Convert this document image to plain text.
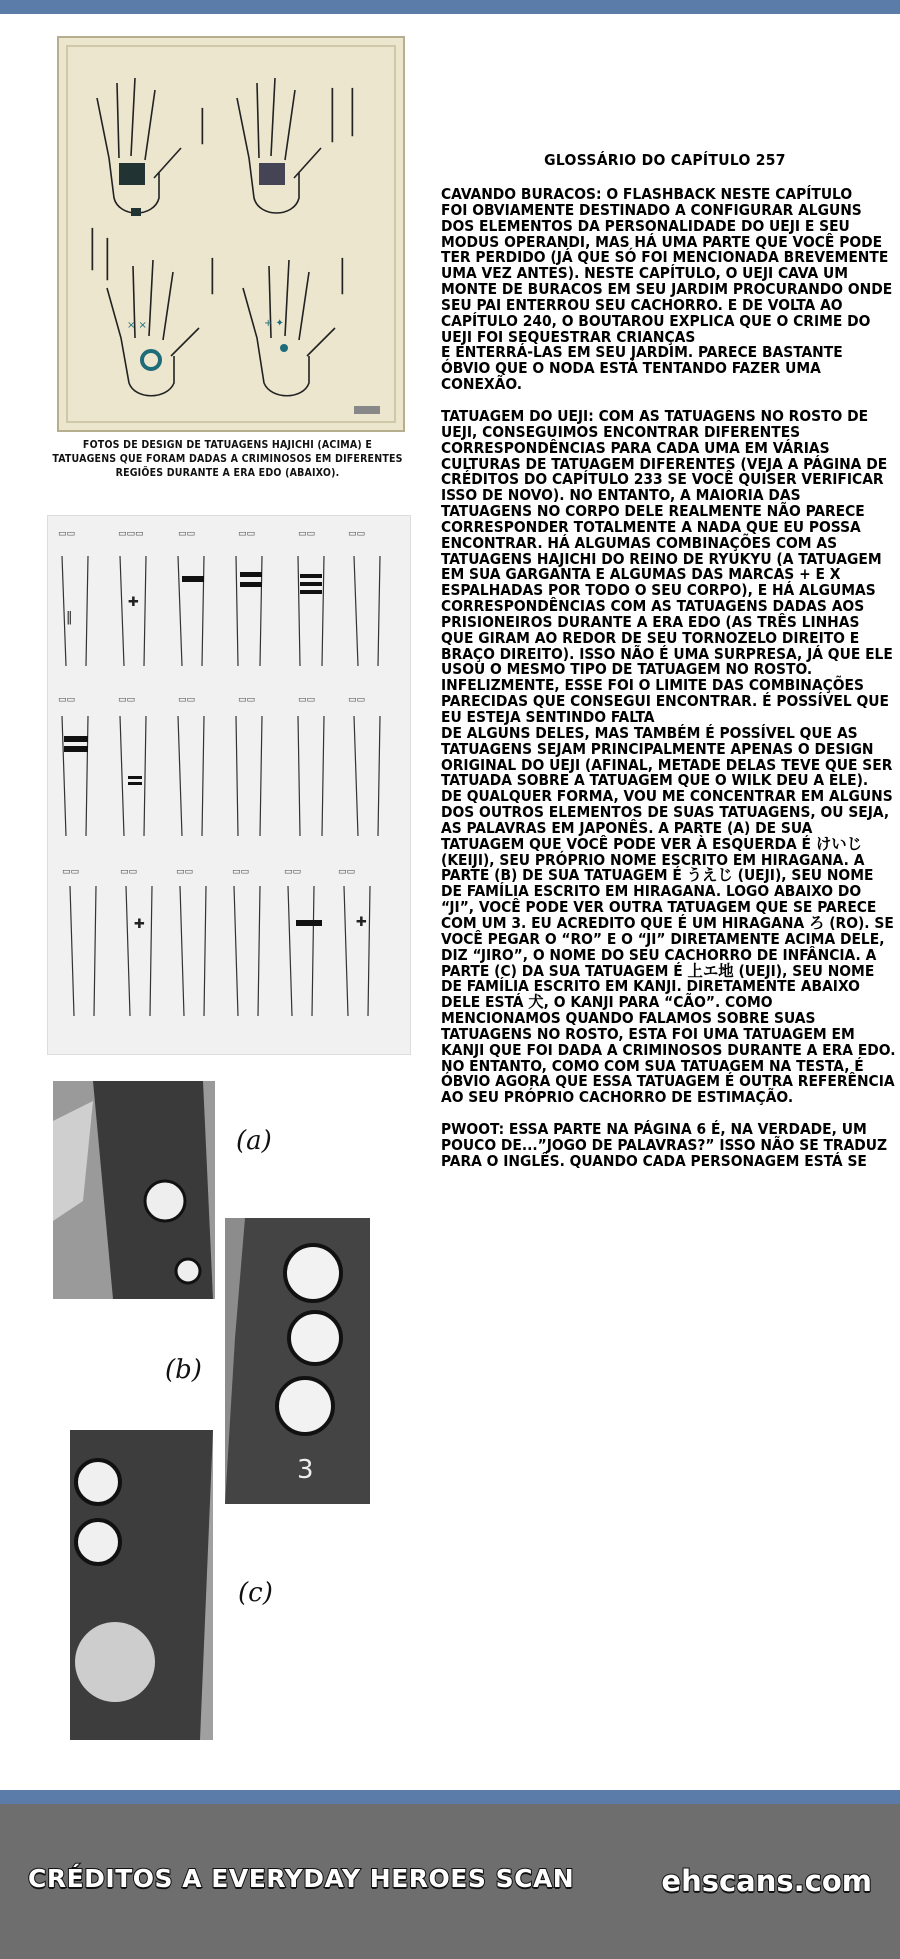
× ×	+ ✦
━━━━━━	━━━━━━━━━ ━━━━━━━━
━━━━━━	━━━━━━
━━━━━━━ ━━━━━━━
FOTOS DE DESIGN DE TATUAGENS HAJICHI (ACIMA) E TATUAGENS QUE FORAM DADAS A CRIMINOSOS EM DIFERENTES REGIÕES DURANTE A ERA EDO (ABAIXO).
‖
✚
✚	✚
▭▭	▭▭▭	▭▭	▭▭	▭▭	▭▭
▭▭	▭▭	▭▭	▭▭	▭▭	▭▭
▭▭	▭▭	▭▭	▭▭	▭▭	▭▭
3
(a)
(b)
(c)
GLOSSÁRIO DO CAPÍTULO 257
CAVANDO BURACOS: O FLASHBACK NESTE CAPÍTULO
FOI OBVIAMENTE DESTINADO A CONFIGURAR ALGUNS DOS ELEMENTOS DA PERSONALIDADE DO UEJI E SEU MODUS OPERANDI, MAS HÁ UMA PARTE QUE VOCÊ PODE TER PERDIDO (JÁ QUE SÓ FOI MENCIONADA BREVEMENTE UMA VEZ ANTES). NESTE CAPÍTULO, O UEJI CAVA UM MONTE DE BURACOS EM SEU JARDIM PROCURANDO ONDE SEU PAI ENTERROU SEU CACHORRO. E DE VOLTA AO CAPÍTULO 240, O BOUTAROU EXPLICA QUE O CRIME DO UEJI FOI SEQUESTRAR CRIANÇAS
E ENTERRÁ-LAS EM SEU JARDIM. PARECE BASTANTE ÓBVIO QUE O NODA ESTÁ TENTANDO FAZER UMA CONEXÃO.
TATUAGEM DO UEJI: COM AS TATUAGENS NO ROSTO DE UEJI, CONSEGUIMOS ENCONTRAR DIFERENTES CORRESPONDÊNCIAS PARA CADA UMA EM VÁRIAS CULTURAS DE TATUAGEM DIFERENTES (VEJA A PÁGINA DE CRÉDITOS DO CAPÍTULO 233 SE VOCÊ QUISER VERIFICAR ISSO DE NOVO). NO ENTANTO, A MAIORIA DAS TATUAGENS NO CORPO DELE REALMENTE NÃO PARECE CORRESPONDER TOTALMENTE A NADA QUE EU POSSA ENCONTRAR. HÁ ALGUMAS COMBINAÇÕES COM AS TATUAGENS HAJICHI DO REINO DE RYUKYU (A TATUAGEM EM SUA GARGANTA E ALGUMAS DAS MARCAS + E X ESPALHADAS POR TODO O SEU CORPO), E HÁ ALGUMAS CORRESPONDÊNCIAS COM AS TATUAGENS DADAS AOS PRISIONEIROS DURANTE A ERA EDO (AS TRÊS LINHAS QUE GIRAM AO REDOR DE SEU TORNOZELO DIREITO E BRAÇO DIREITO). ISSO NÃO É UMA SURPRESA, JÁ QUE ELE USOU O MESMO TIPO DE TATUAGEM NO ROSTO. INFELIZMENTE, ESSE FOI O LIMITE DAS COMBINAÇÕES PARECIDAS QUE CONSEGUI ENCONTRAR. É POSSÍVEL QUE EU ESTEJA SENTINDO FALTA
DE ALGUNS DELES, MAS TAMBÉM É POSSÍVEL QUE AS TATUAGENS SEJAM PRINCIPALMENTE APENAS O DESIGN ORIGINAL DO UEJI (AFINAL, METADE DELAS TEVE QUE SER TATUADA SOBRE A TATUAGEM QUE O WILK DEU A ELE).
DE QUALQUER FORMA, VOU ME CONCENTRAR EM ALGUNS DOS OUTROS ELEMENTOS DE SUAS TATUAGENS, OU SEJA,
AS PALAVRAS EM JAPONÊS. A PARTE (A) DE SUA TATUAGEM QUE VOCÊ PODE VER À ESQUERDA É けいじ (KEIJI), SEU PRÓPRIO NOME ESCRITO EM HIRAGANA. A PARTE (B) DE SUA TATUAGEM É うえじ (UEJI), SEU NOME DE FAMÍLIA ESCRITO EM HIRAGANA. LOGO ABAIXO DO “JI”, VOCÊ PODE VER OUTRA TATUAGEM QUE SE PARECE COM UM 3. EU ACREDITO QUE É UM HIRAGANA ろ (RO). SE VOCÊ PEGAR O “RO” E O “JI” DIRETAMENTE ACIMA DELE, DIZ “JIRO”, O NOME DO SEU CACHORRO DE INFÂNCIA. A PARTE (C) DA SUA TATUAGEM É 上エ地 (UEJI), SEU NOME DE FAMÍLIA ESCRITO EM KANJI. DIRETAMENTE ABAIXO DELE ESTÁ 犬, O KANJI PARA “CÃO”. COMO MENCIONAMOS QUANDO FALAMOS SOBRE SUAS TATUAGENS NO ROSTO, ESTA FOI UMA TATUAGEM EM KANJI QUE FOI DADA A CRIMINOSOS DURANTE A ERA EDO. NO ENTANTO, COMO COM SUA TATUAGEM NA TESTA, É ÓBVIO AGORA QUE ESSA TATUAGEM É OUTRA REFERÊNCIA
AO SEU PRÓPRIO CACHORRO DE ESTIMAÇÃO.
PWOOT: ESSA PARTE NA PÁGINA 6 É, NA VERDADE, UM POUCO DE...”JOGO DE PALAVRAS?” ISSO NÃO SE TRADUZ PARA O INGLÊS. QUANDO CADA PERSONAGEM ESTÁ SE
CRÉDITOS A EVERYDAY HEROES SCAN	ehscans.com
